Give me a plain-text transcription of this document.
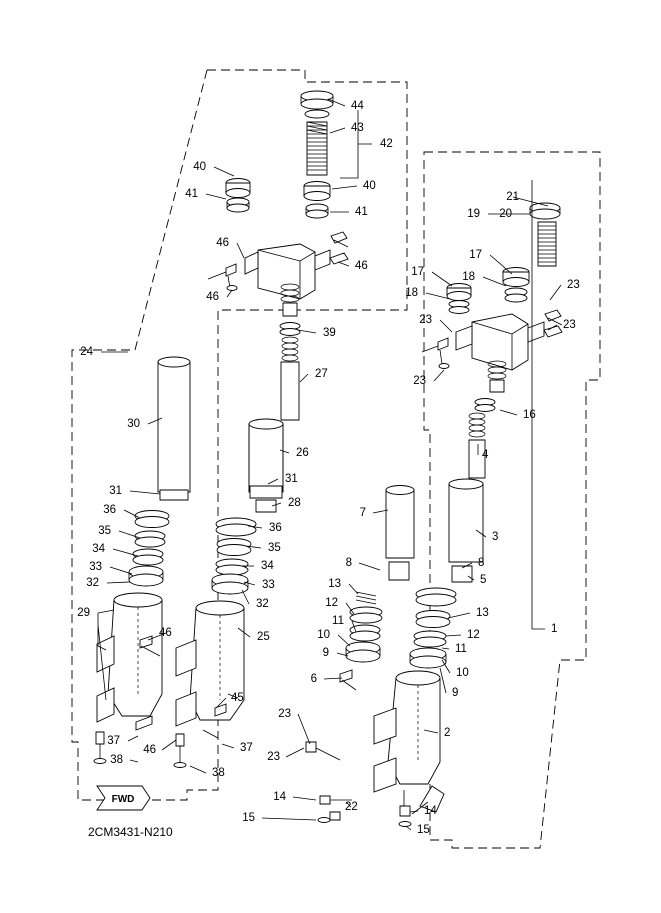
44
43
42
40
41
40
41
21
19 20
46
46
46
17
17	18
18
23
23	23
23
39
24
27
16
4
30
26
31
31
28
36
36
35
35
7
3
34
34
33
33
32
32
8	8
5
13
13
12
12
11
11
10
10
9
9
29
46	25
1
6
45
23
2
37
37
46
23
38
38
14
22	14
15
15
FWD
2CM3431-N210
